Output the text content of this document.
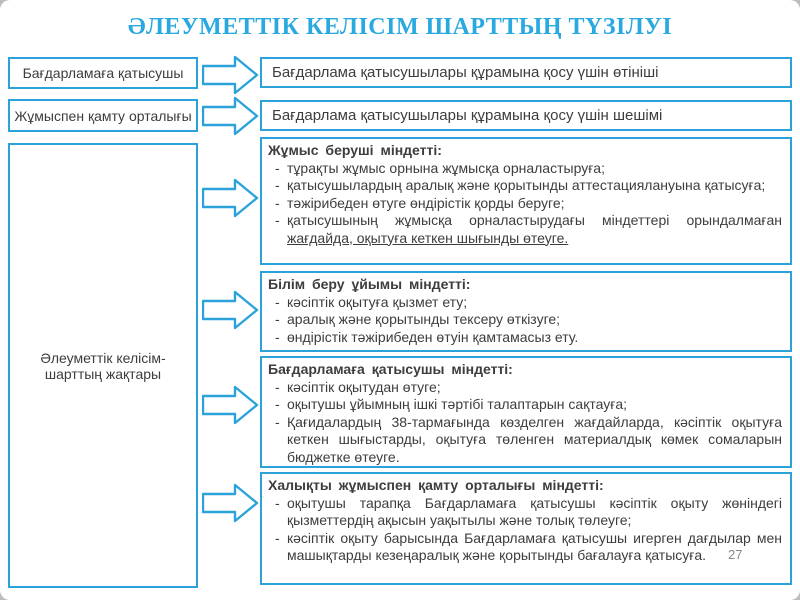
ӘЛЕУМЕТТІК КЕЛІСІМ ШАРТТЫҢ ТҮЗІЛУІ
Бағдарламаға қатысушы
Жұмыспен қамту орталығы
Әлеуметтік келісім-шарттың жақтары
Бағдарлама қатысушылары құрамына қосу үшін өтініші
Бағдарлама қатысушылары құрамына қосу үшін шешімі
Жұмыс беруші міндетті:
- тұрақты жұмыс орнына жұмысқа орналастыруға;
- қатысушылардың аралық және қорытынды аттестациялануына қатысуға;
- тәжірибеден өтуге өндірістік қорды беруге;
- қатысушының жұмысқа орналастырудағы міндеттері орындалмаған жағдайда, оқытуға кеткен шығынды өтеуге.
Білім беру ұйымы міндетті:
- кәсіптік оқытуға қызмет ету;
- аралық және қорытынды тексеру өткізуге;
- өндірістік тәжірибеден өтуін қамтамасыз ету.
Бағдарламаға қатысушы міндетті:
- кәсіптік оқытудан өтуге;
- оқытушы ұйымның ішкі тәртібі талаптарын сақтауға;
- Қағидалардың 38-тармағында көзделген жағдайларда, кәсіптік оқытуға кеткен шығыстарды, оқытуға төленген материалдық көмек сомаларын бюджетке өтеуге.
Халықты жұмыспен қамту орталығы міндетті:
- оқытушы тарапқа Бағдарламаға қатысушы кәсіптік оқыту жөніндегі қызметтердің ақысын уақытылы және толық төлеуге;
- кәсіптік оқыту барысында Бағдарламаға қатысушы игерген дағдылар мен машықтарды кезеңаралық және қорытынды бағалауға қатысуға.	27
